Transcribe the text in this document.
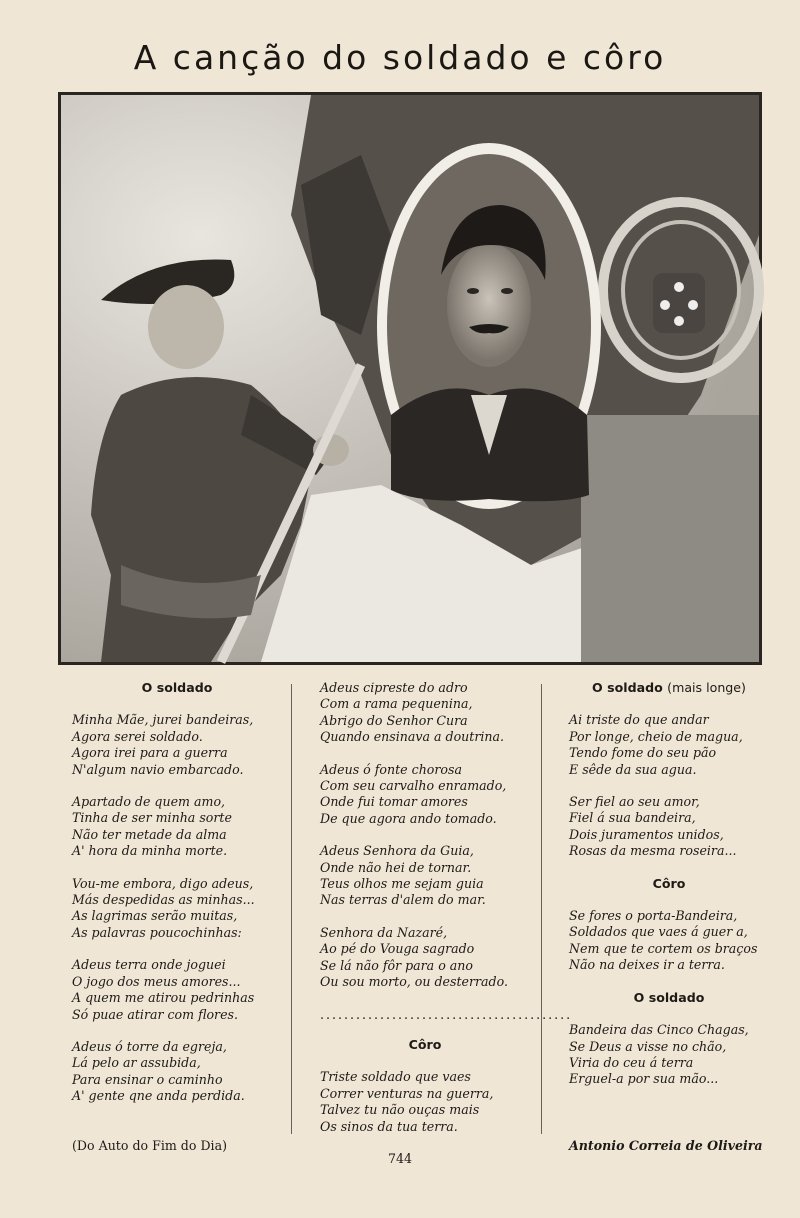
A canção do soldado e côro
O soldado
Minha Mãe, jurei bandeiras,
Agora serei soldado.
Agora irei para a guerra
N'algum navio embarcado.
Apartado de quem amo,
Tinha de ser minha sorte
Não ter metade da alma
A' hora da minha morte.
Vou-me embora, digo adeus,
Más despedidas as minhas...
As lagrimas serão muitas,
As palavras poucochinhas:
Adeus terra onde joguei
O jogo dos meus amores...
A quem me atirou pedrinhas
Só puae atirar com flores.
Adeus ó torre da egreja,
Lá pelo ar assubida,
Para ensinar o caminho
A' gente qne anda perdida.
Adeus cipreste do adro
Com a rama pequenina,
Abrigo do Senhor Cura
Quando ensinava a doutrina.
Adeus ó fonte chorosa
Com seu carvalho enramado,
Onde fui tomar amores
De que agora ando tomado.
Adeus Senhora da Guia,
Onde não hei de tornar.
Teus olhos me sejam guia
Nas terras d'alem do mar.
Senhora da Nazaré,
Ao pé do Vouga sagrado
Se lá não fôr para o ano
Ou sou morto, ou desterrado.
..........................................
Côro
Triste soldado que vaes
Correr venturas na guerra,
Talvez tu não ouças mais
Os sinos da tua terra.
O soldado (mais longe)
Ai triste do que andar
Por longe, cheio de magua,
Tendo fome do seu pão
E sêde da sua agua.
Ser fiel ao seu amor,
Fiel á sua bandeira,
Dois juramentos unidos,
Rosas da mesma roseira...
Côro
Se fores o porta-Bandeira,
Soldados que vaes á guer a,
Nem que te cortem os braços
Não na deixes ir a terra.
O soldado
Bandeira das Cinco Chagas,
Se Deus a visse no chão,
Viria do ceu á terra
Erguel-a por sua mão...
(Do Auto do Fim do Dia)
744
Antonio Correia de Oliveira
